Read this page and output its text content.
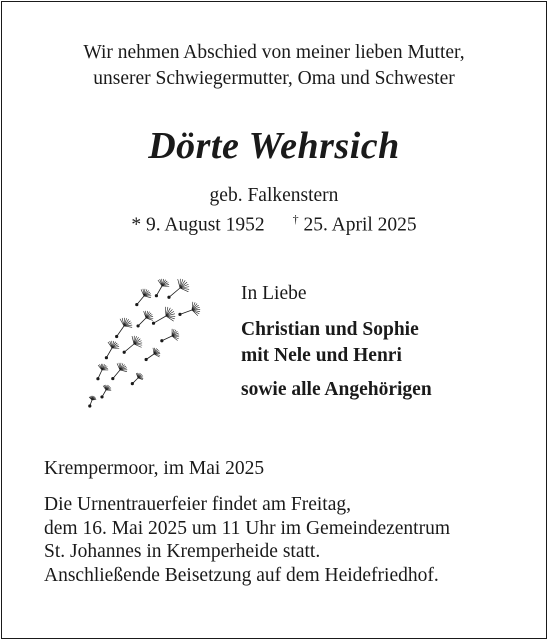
Wir nehmen Abschied von meiner lieben Mutter,
unserer Schwiegermutter, Oma und Schwester
Dörte Wehrsich
geb. Falkenstern
* 9. August 1952 † 25. April 2025
In Liebe
Christian und Sophie
mit Nele und Henri
sowie alle Angehörigen
Krempermoor, im Mai 2025
Die Urnentrauerfeier findet am Freitag,
dem 16. Mai 2025 um 11 Uhr im Gemeindezentrum
St. Johannes in Kremperheide statt.
Anschließende Beisetzung auf dem Heidefriedhof.
